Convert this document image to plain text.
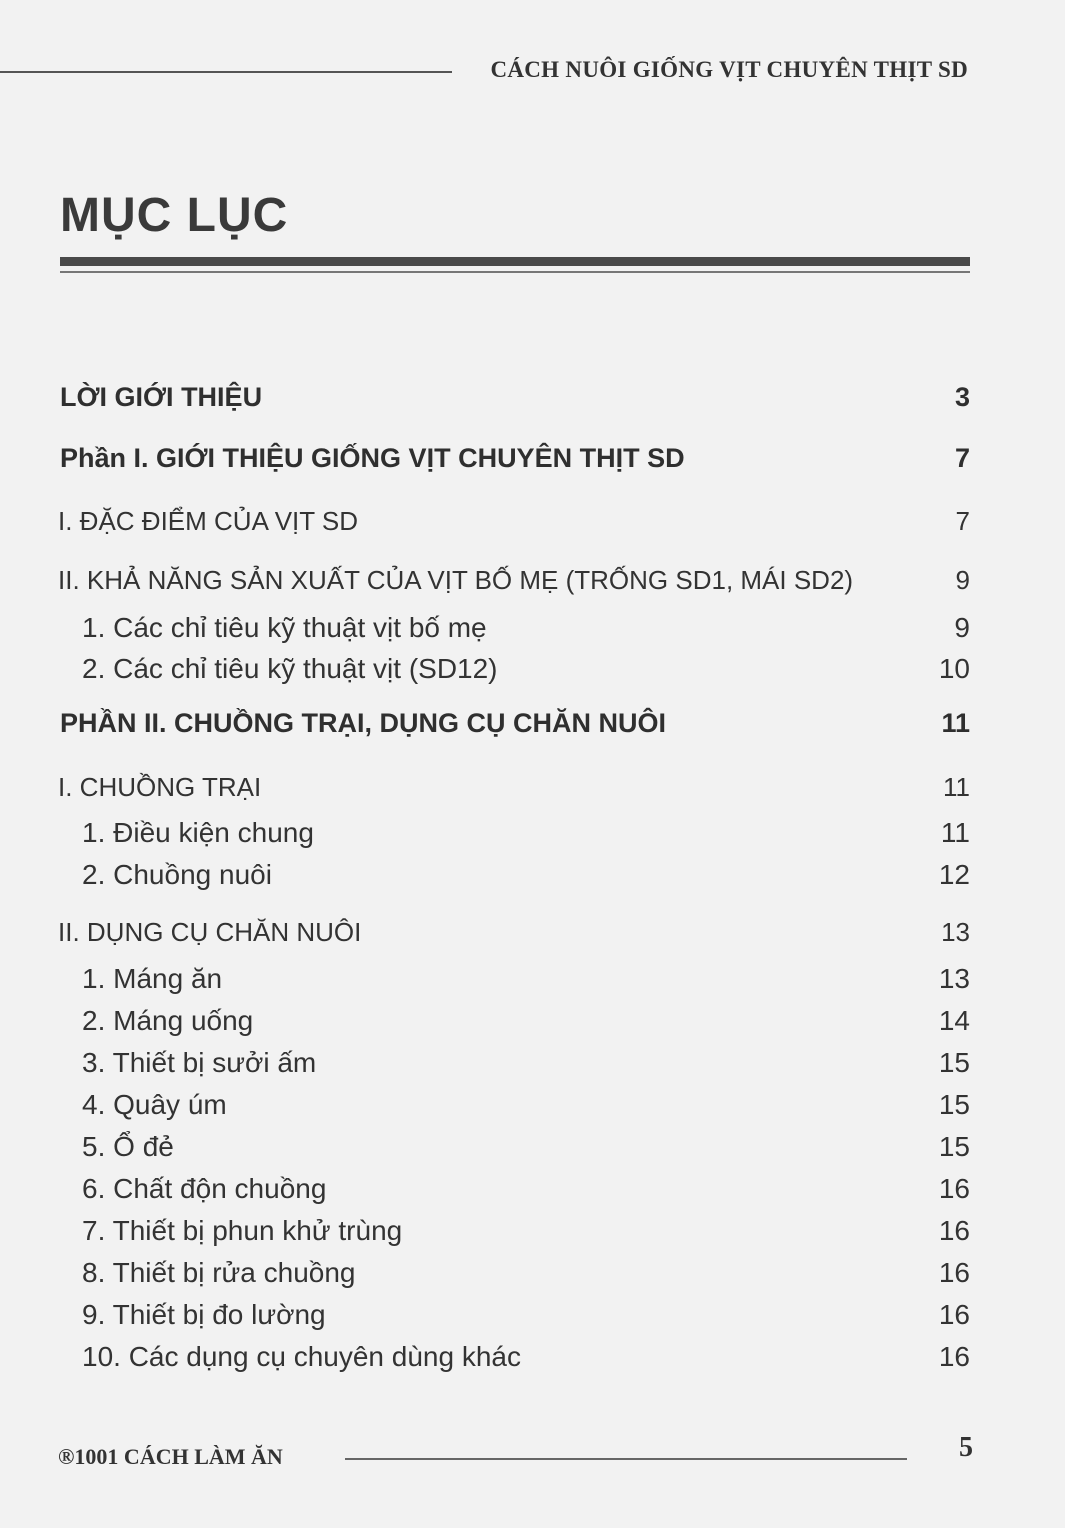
CÁCH NUÔI GIỐNG VỊT CHUYÊN THỊT SD
MỤC LỤC
LỜI GIỚI THIỆU	3
Phần I. GIỚI THIỆU GIỐNG VỊT CHUYÊN THỊT SD	7
I. ĐẶC ĐIỂM CỦA VỊT SD	7
II. KHẢ NĂNG SẢN XUẤT CỦA VỊT BỐ MẸ (TRỐNG SD1, MÁI SD2)	9
1. Các chỉ tiêu kỹ thuật vịt bố mẹ	9
2. Các chỉ tiêu kỹ thuật vịt (SD12)	10
PHẦN II. CHUỒNG TRẠI, DỤNG CỤ CHĂN NUÔI	11
I. CHUỒNG TRẠI	11
1. Điều kiện chung	11
2. Chuồng nuôi	12
II. DỤNG CỤ CHĂN NUÔI	13
1. Máng ăn	13
2. Máng uống	14
3. Thiết bị sưởi ấm	15
4. Quây úm	15
5. Ổ đẻ	15
6. Chất độn chuồng	16
7. Thiết bị phun khử trùng	16
8. Thiết bị rửa chuồng	16
9. Thiết bị đo lường	16
10. Các dụng cụ chuyên dùng khác	16
®1001 CÁCH LÀM ĂN	5
